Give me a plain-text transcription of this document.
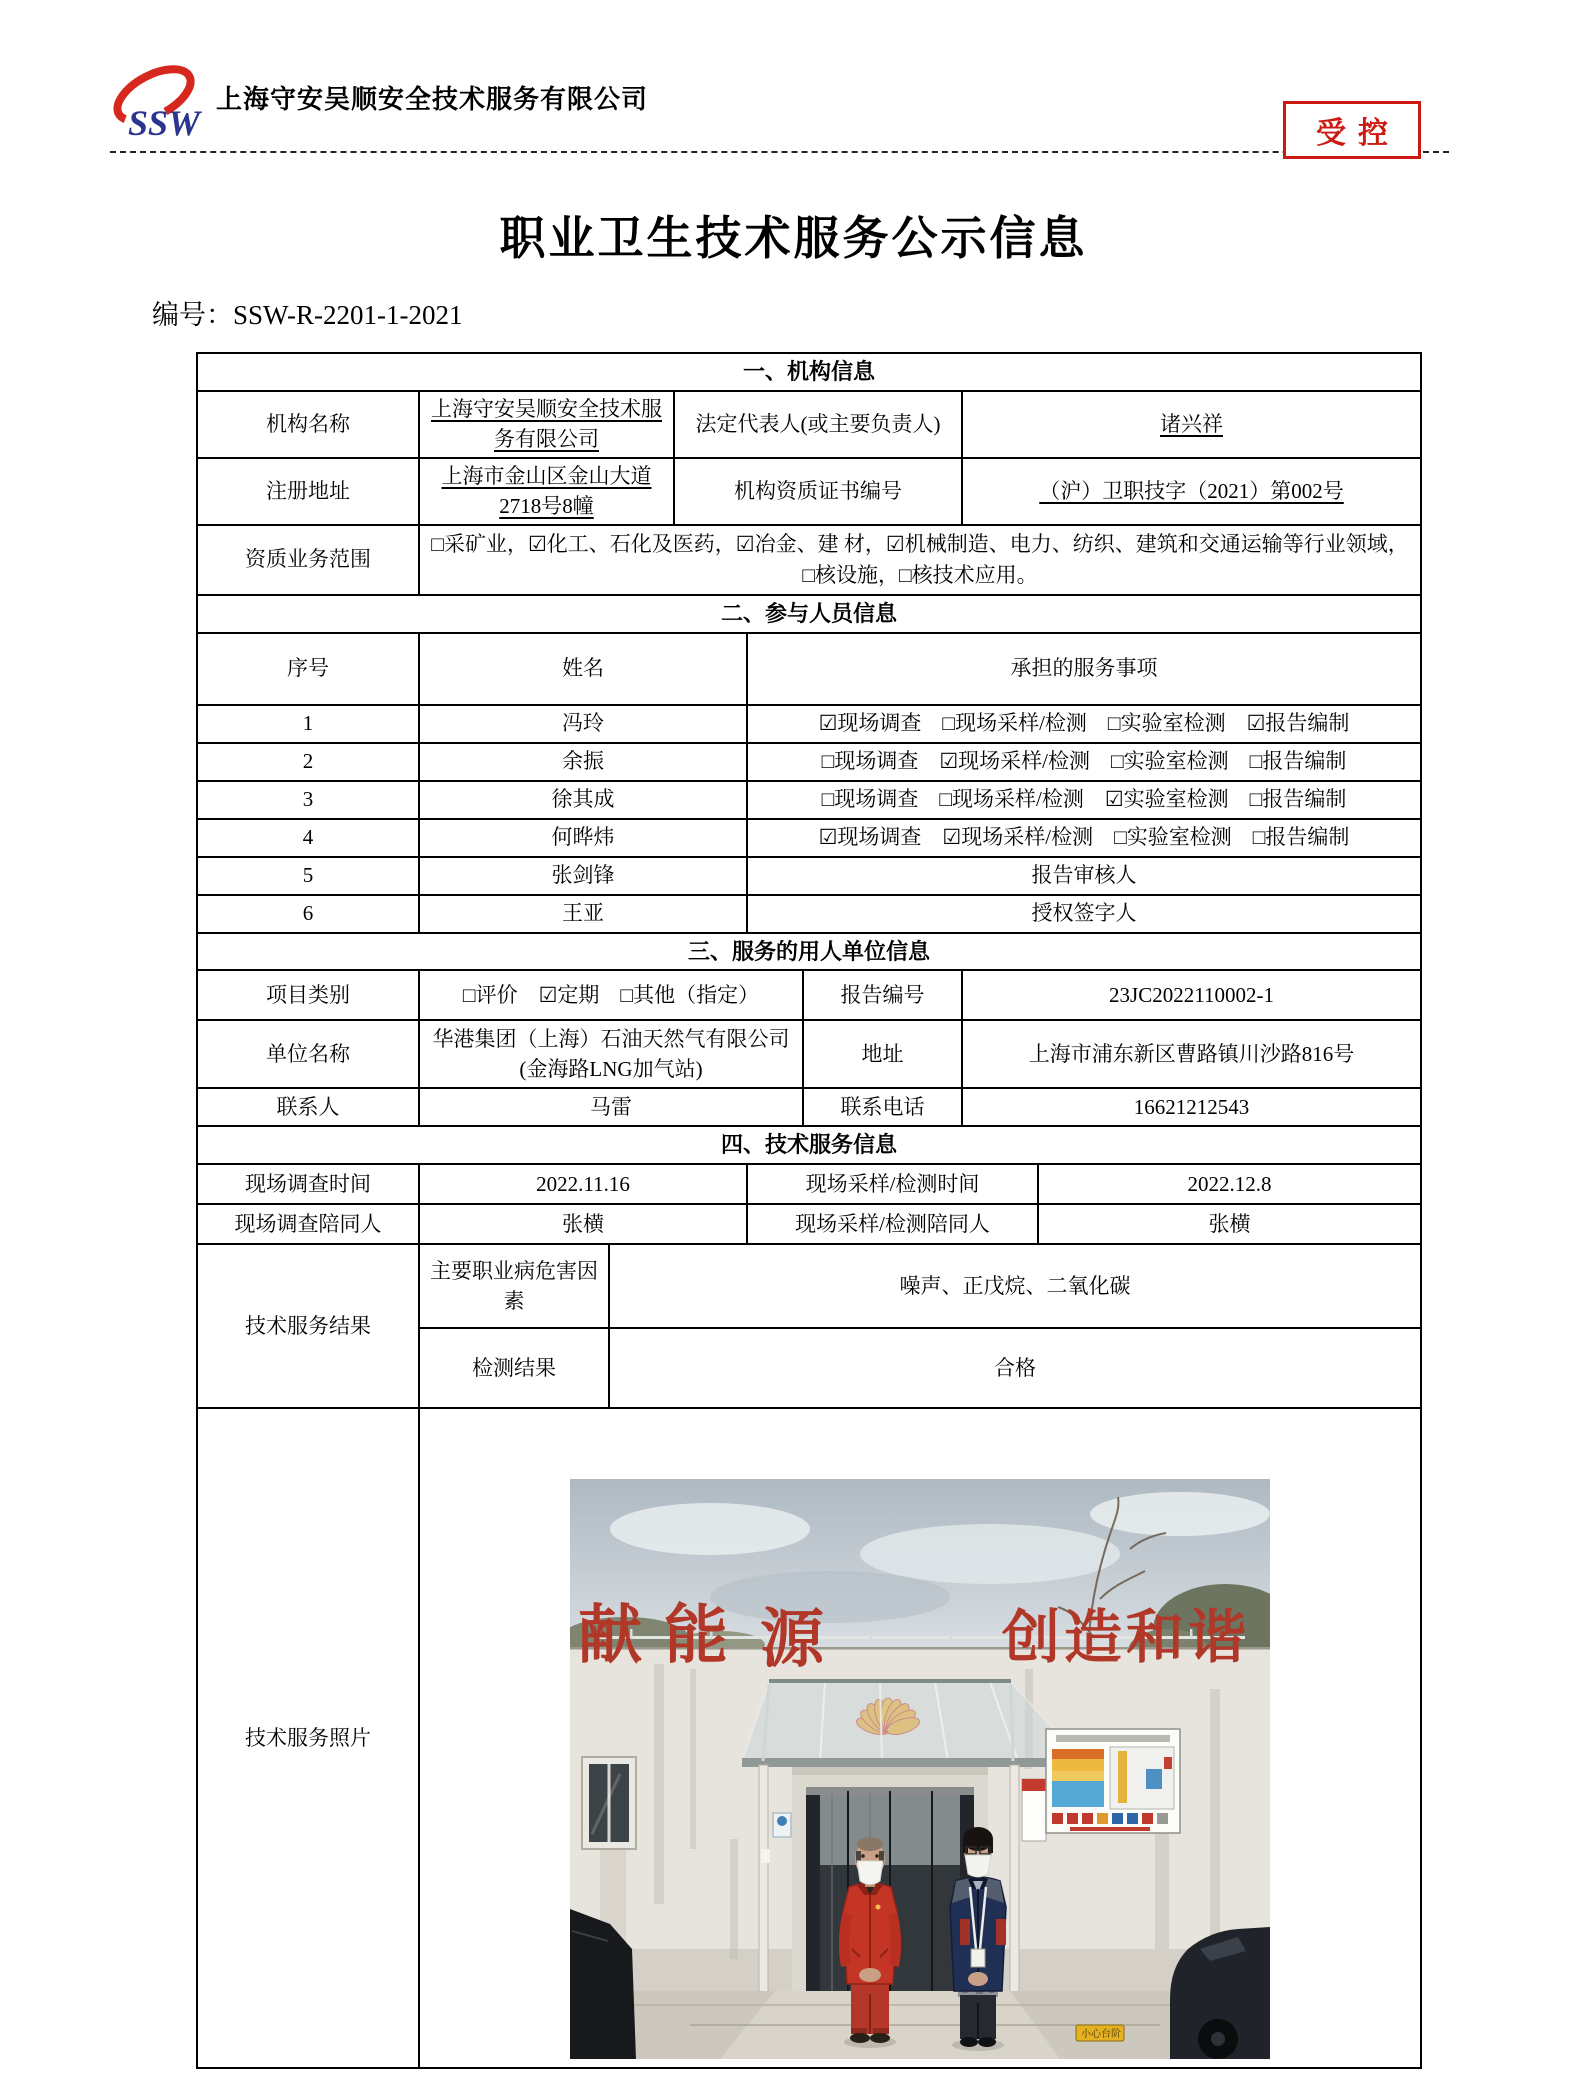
SSW
上海守安吴顺安全技术服务有限公司
受控
职业卫生技术服务公示信息
编号：SSW-R-2201-1-2021
一、机构信息							
机构名称	上海守安吴顺安全技术服务有限公司		法定代表人(或主要负责人)			诸兴祥	
注册地址	上海市金山区金山大道2718号8幢		机构资质证书编号			（沪）卫职技字（2021）第002号	
资质业务范围	□采矿业，☑化工、石化及医药，☑冶金、建 材，☑机械制造、电力、纺织、建筑和交通运输等行业领域，□核设施，□核技术应用。						
二、参与人员信息							
序号	姓名			承担的服务事项			
1	冯玲			☑现场调查　□现场采样/检测　□实验室检测　☑报告编制			
2	余振			□现场调查　☑现场采样/检测　□实验室检测　□报告编制			
3	徐其成			□现场调查　□现场采样/检测　☑实验室检测　□报告编制			
4	何晔炜			☑现场调查　☑现场采样/检测　□实验室检测　□报告编制			
5	张剑锋			报告审核人			
6	王亚			授权签字人			
三、服务的用人单位信息							
项目类别	□评价　☑定期　□其他（指定）				报告编号	23JC2022110002-1	
单位名称	华港集团（上海）石油天然气有限公司(金海路LNG加气站)				地址	上海市浦东新区曹路镇川沙路816号	
联系人	马雷				联系电话	16621212543	
四、技术服务信息							
现场调查时间	2022.11.16			现场采样/检测时间			2022.12.8
现场调查陪同人	张横			现场采样/检测陪同人			张横
技术服务结果	主要职业病危害因素	噪声、正戊烷、二氧化碳					
	检测结果	合格					
技术服务照片	献能 源 创造和谐
小心台阶						
